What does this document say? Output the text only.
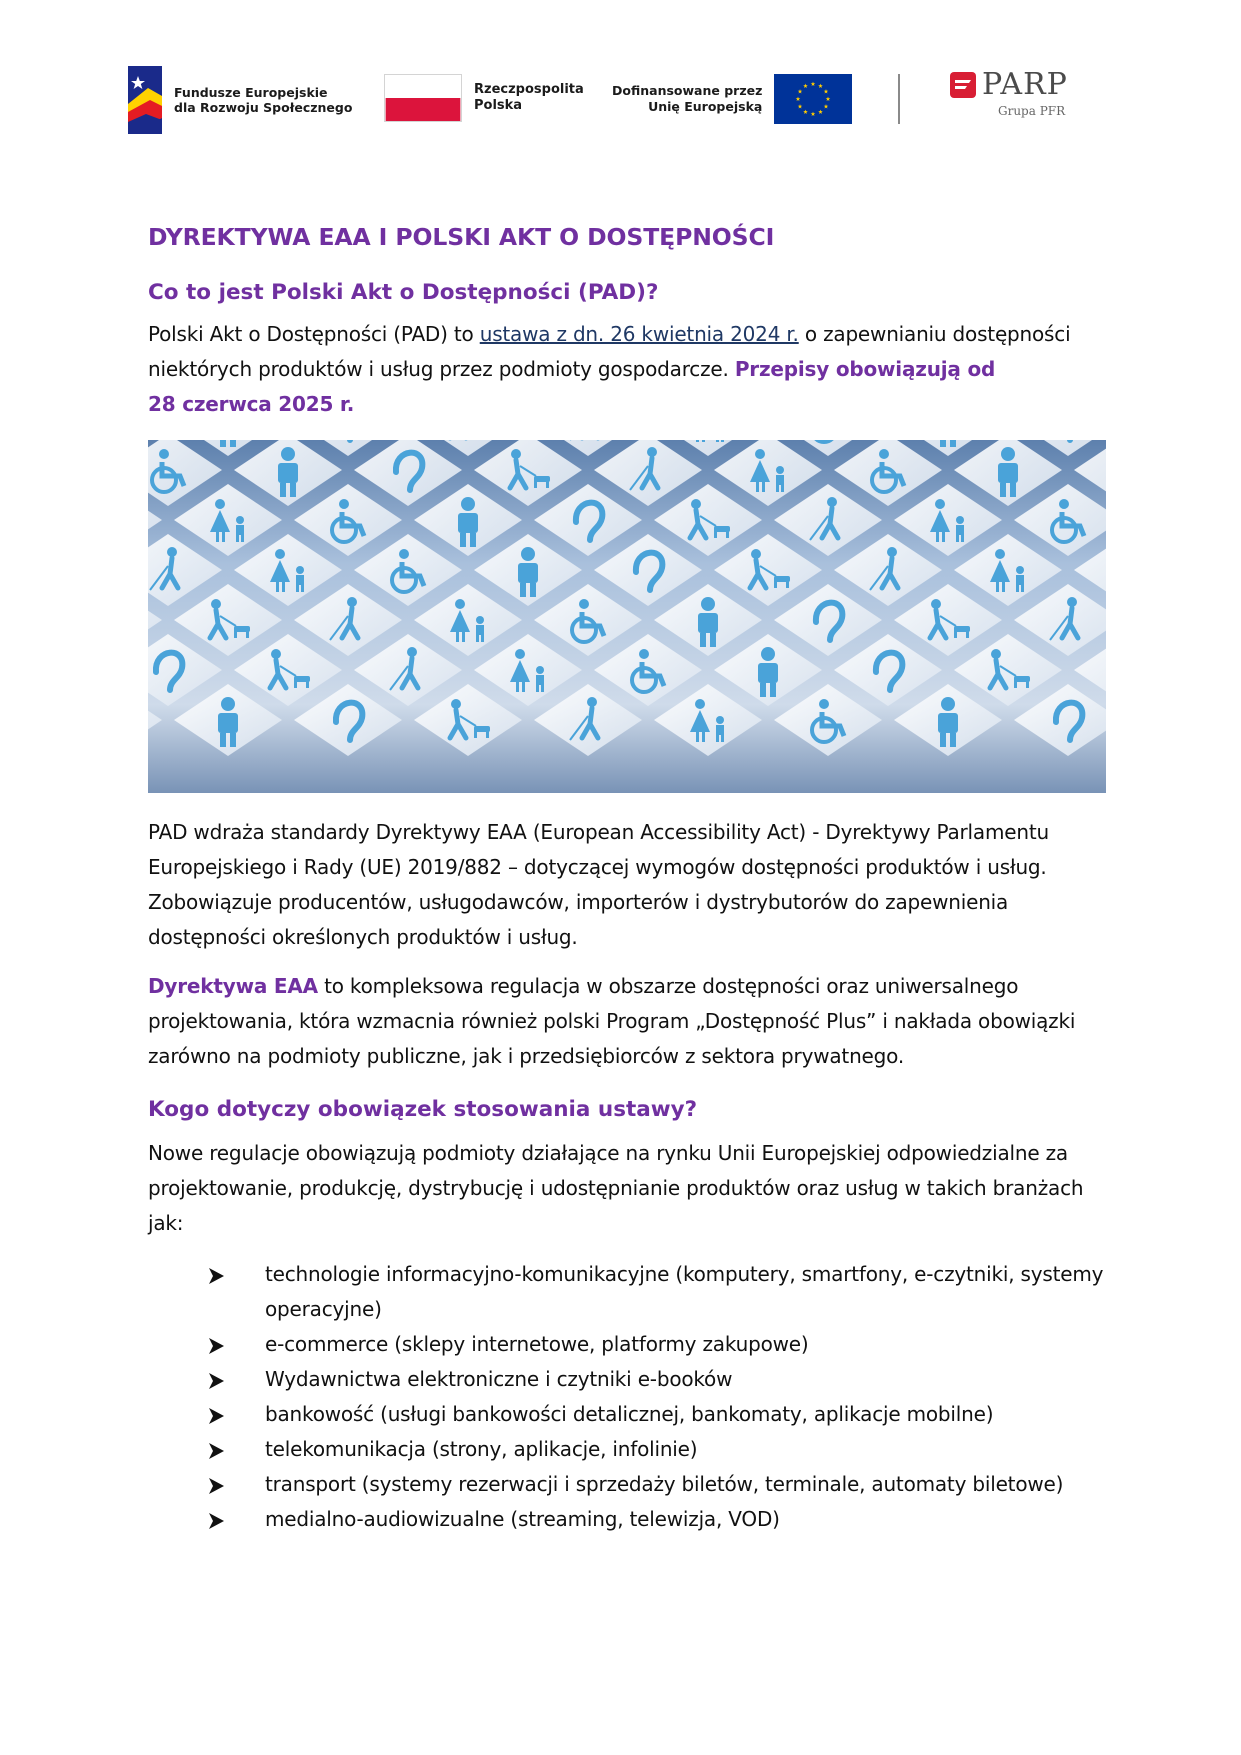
Fundusze Europejskie
dla Rozwoju Społecznego
Rzeczpospolita
Polska
Dofinansowane przez
Unię Europejską
PARP
Grupa PFR
DYREKTYWA EAA I POLSKI AKT O DOSTĘPNOŚCI
Co to jest Polski Akt o Dostępności (PAD)?

Polski Akt o Dostępności (PAD) to ustawa z dn. 26 kwietnia 2024 r. o zapewnianiu dostępności niektórych produktów i usług przez podmioty gospodarcze. Przepisy obowiązują od
28 czerwca 2025 r.

PAD wdraża standardy Dyrektywy EAA (European Accessibility Act) - Dyrektywy Parlamentu Europejskiego i Rady (UE) 2019/882 – dotyczącej wymogów dostępności produktów i usług. Zobowiązuje producentów, usługodawców, importerów i dystrybutorów do zapewnienia dostępności określonych produktów i usług.

Dyrektywa EAA to kompleksowa regulacja w obszarze dostępności oraz uniwersalnego projektowania, która wzmacnia również polski Program „Dostępność Plus” i nakłada obowiązki zarówno na podmioty publiczne, jak i przedsiębiorców z sektora prywatnego.

Kogo dotyczy obowiązek stosowania ustawy?

Nowe regulacje obowiązują podmioty działające na rynku Unii Europejskiej odpowiedzialne za projektowanie, produkcję, dystrybucję i udostępnianie produktów oraz usług w takich branżach jak:

technologie informacyjno-komunikacyjne (komputery, smartfony, e-czytniki, systemy operacyjne)
e-commerce (sklepy internetowe, platformy zakupowe)
Wydawnictwa elektroniczne i czytniki e-booków
bankowość (usługi bankowości detalicznej, bankomaty, aplikacje mobilne)
telekomunikacja (strony, aplikacje, infolinie)
transport (systemy rezerwacji i sprzedaży biletów, terminale, automaty biletowe)
medialno-audiowizualne (streaming, telewizja, VOD)
